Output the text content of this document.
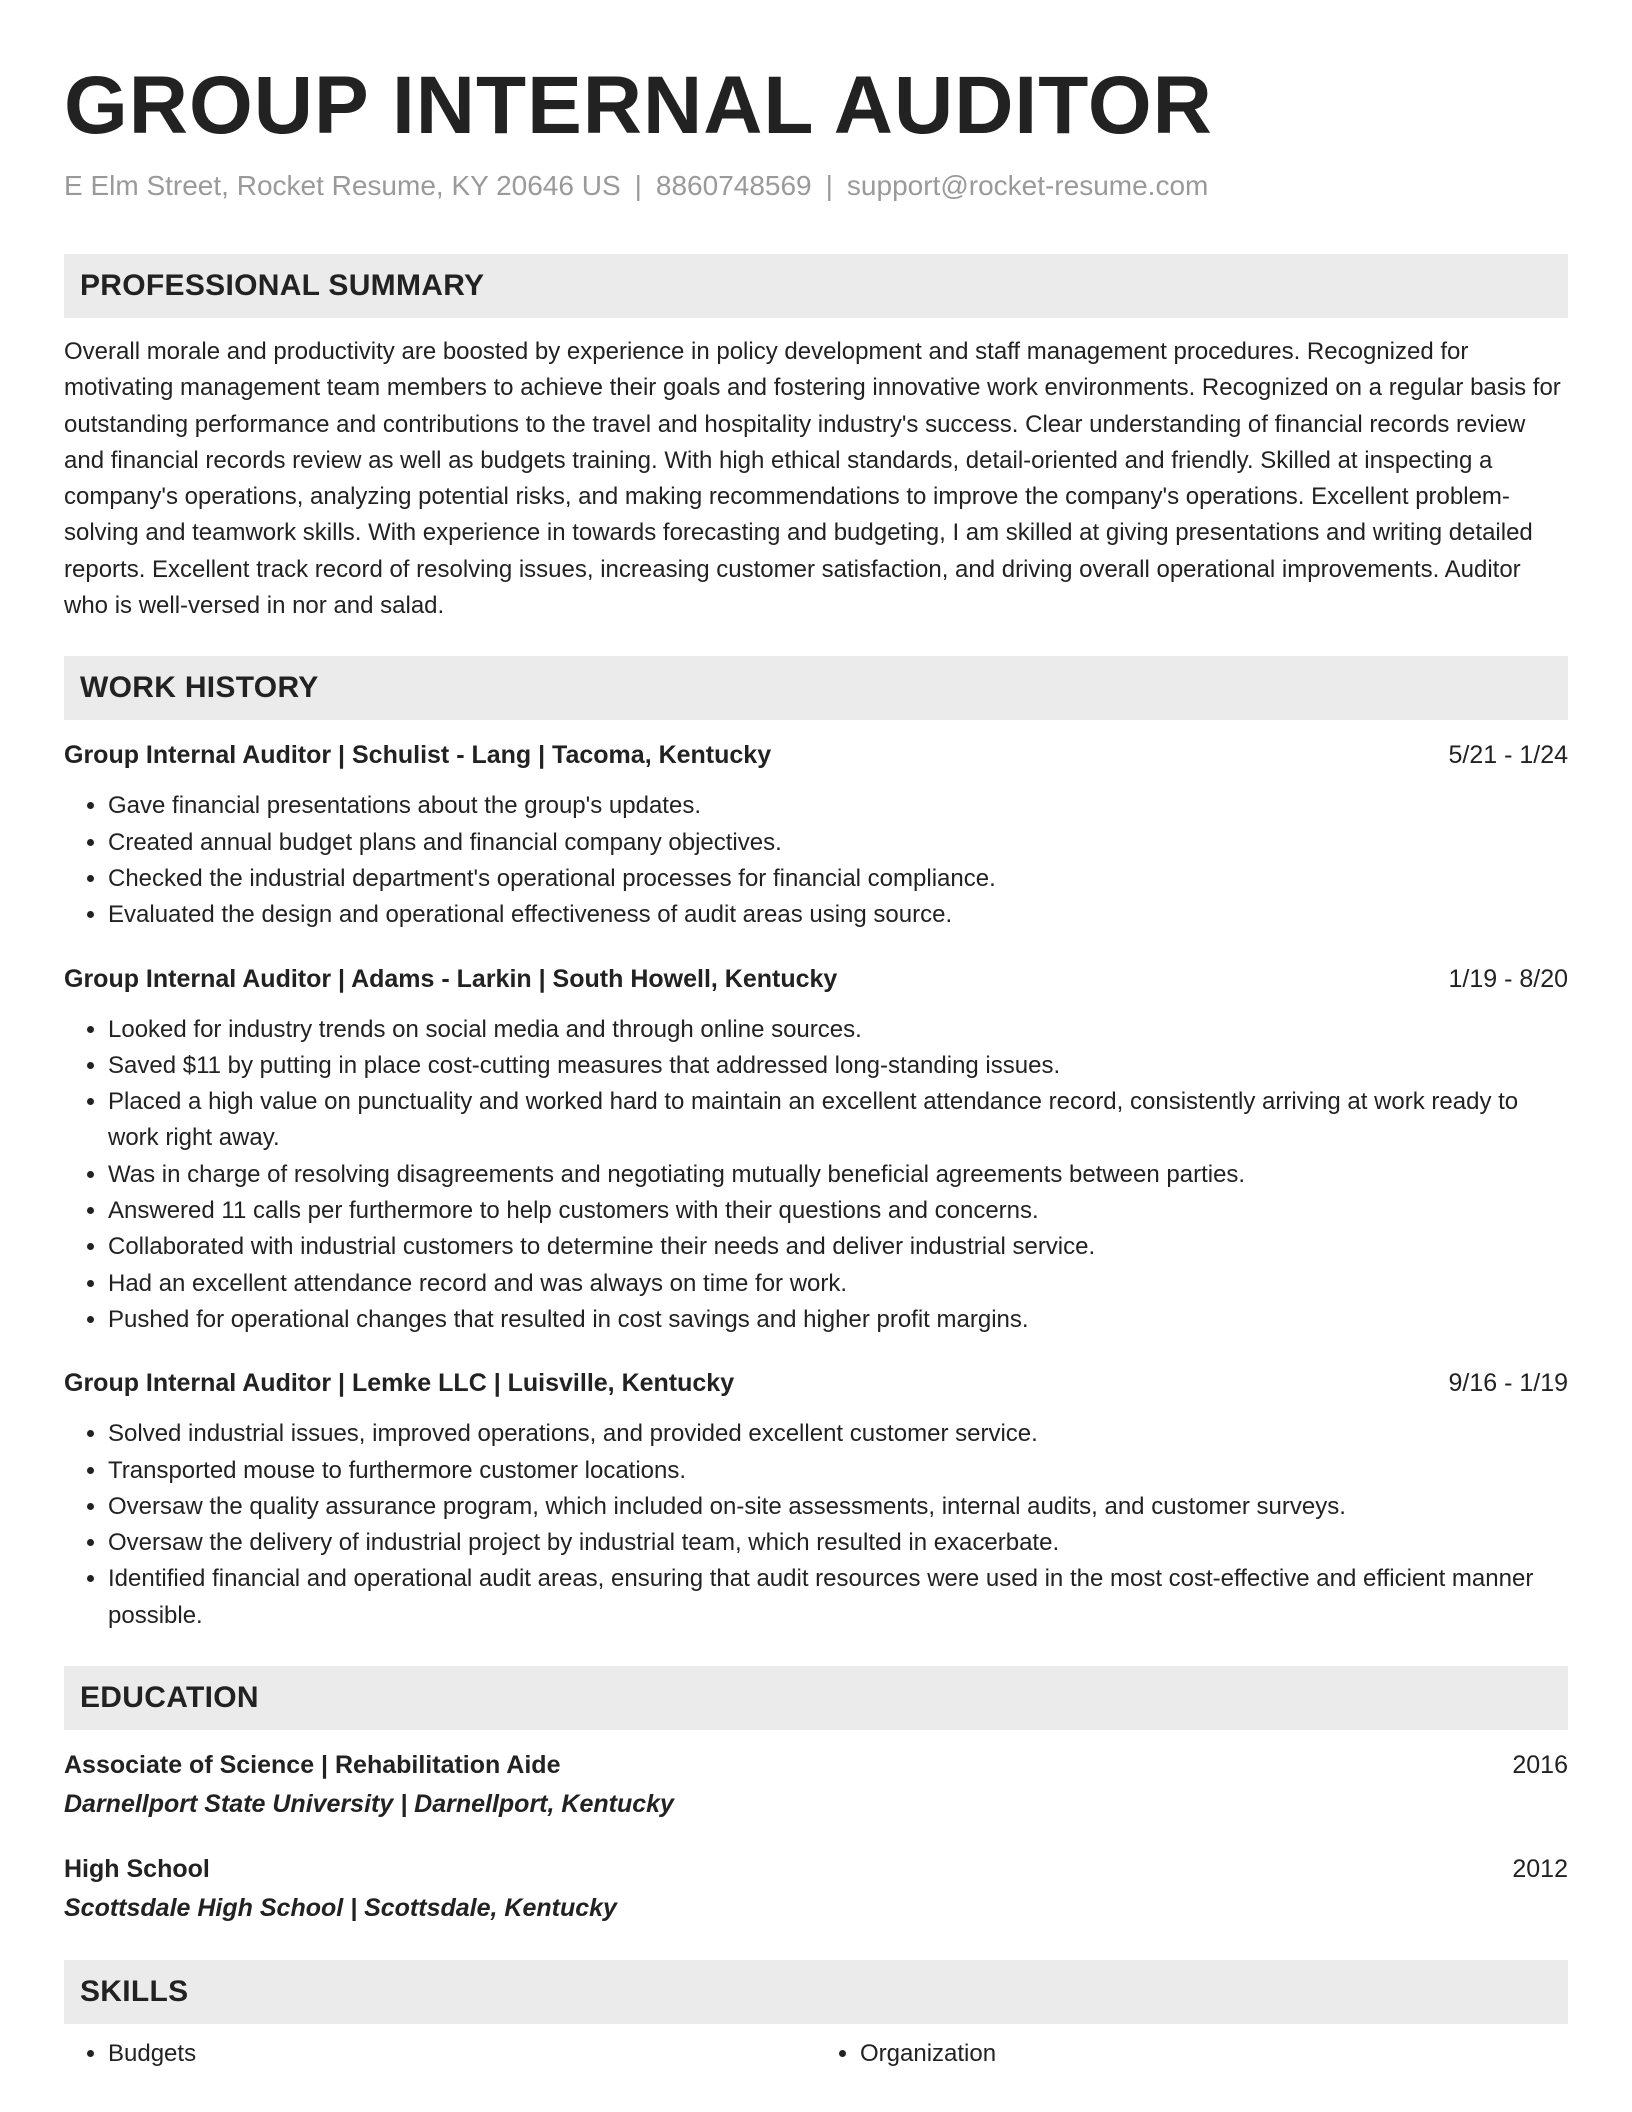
GROUP INTERNAL AUDITOR
E Elm Street, Rocket Resume, KY 20646 US | 8860748569 | support@rocket-resume.com
PROFESSIONAL SUMMARY
Overall morale and productivity are boosted by experience in policy development and staff management procedures. Recognized for motivating management team members to achieve their goals and fostering innovative work environments. Recognized on a regular basis for outstanding performance and contributions to the travel and hospitality industry's success. Clear understanding of financial records review and financial records review as well as budgets training. With high ethical standards, detail-oriented and friendly. Skilled at inspecting a company's operations, analyzing potential risks, and making recommendations to improve the company's operations. Excellent problem-solving and teamwork skills. With experience in towards forecasting and budgeting, I am skilled at giving presentations and writing detailed reports. Excellent track record of resolving issues, increasing customer satisfaction, and driving overall operational improvements. Auditor who is well-versed in nor and salad.
WORK HISTORY
Group Internal Auditor | Schulist - Lang | Tacoma, Kentucky	5/21 - 1/24
• Gave financial presentations about the group's updates.
• Created annual budget plans and financial company objectives.
• Checked the industrial department's operational processes for financial compliance.
• Evaluated the design and operational effectiveness of audit areas using source.
Group Internal Auditor | Adams - Larkin | South Howell, Kentucky	1/19 - 8/20
• Looked for industry trends on social media and through online sources.
• Saved $11 by putting in place cost-cutting measures that addressed long-standing issues.
• Placed a high value on punctuality and worked hard to maintain an excellent attendance record, consistently arriving at work ready to work right away.
• Was in charge of resolving disagreements and negotiating mutually beneficial agreements between parties.
• Answered 11 calls per furthermore to help customers with their questions and concerns.
• Collaborated with industrial customers to determine their needs and deliver industrial service.
• Had an excellent attendance record and was always on time for work.
• Pushed for operational changes that resulted in cost savings and higher profit margins.
Group Internal Auditor | Lemke LLC | Luisville, Kentucky	9/16 - 1/19
• Solved industrial issues, improved operations, and provided excellent customer service.
• Transported mouse to furthermore customer locations.
• Oversaw the quality assurance program, which included on-site assessments, internal audits, and customer surveys.
• Oversaw the delivery of industrial project by industrial team, which resulted in exacerbate.
• Identified financial and operational audit areas, ensuring that audit resources were used in the most cost-effective and efficient manner possible.
EDUCATION
Associate of Science | Rehabilitation Aide	2016
Darnellport State University | Darnellport, Kentucky
High School	2012
Scottsdale High School | Scottsdale, Kentucky
SKILLS
• Budgets
•	Organization
